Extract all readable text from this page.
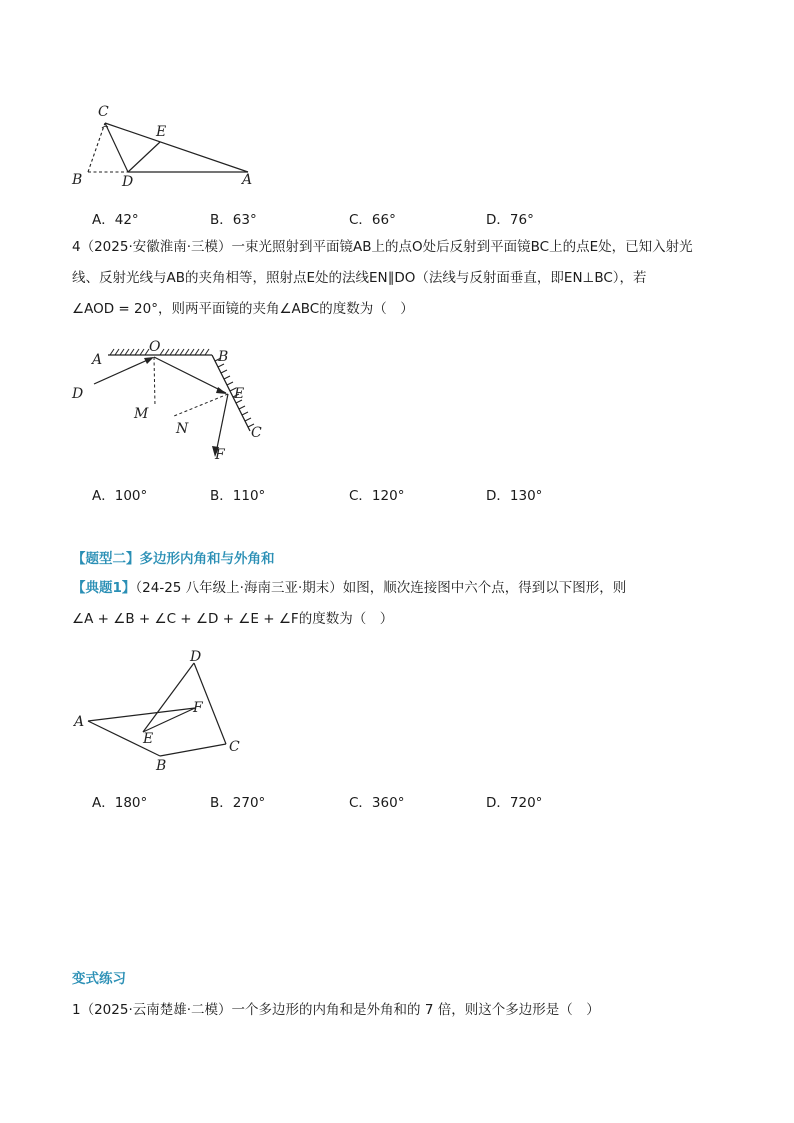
C
E
B	D	A
A．42°	B．63°	C．66°	D．76°
4（2025·安徽淮南·三模）一束光照射到平面镜AB上的点O处后反射到平面镜BC上的点E处，已知入射光
线、反射光线与AB的夹角相等，照射点E处的法线EN∥DO（法线与反射面垂直，即EN⊥BC），若
∠AOD = 20°，则两平面镜的夹角∠ABC的度数为（　）
A
O
B
D	E
M
N	C
F
A．100°	B．110°	C．120°	D．130°
【题型二】多边形内角和与外角和
【典题1】（24-25 八年级上·海南三亚·期末）如图，顺次连接图中六个点，得到以下图形，则
∠A + ∠B + ∠C + ∠D + ∠E + ∠F的度数为（　）
D
A
F
E	C
B
A．180°	B．270°	C．360°	D．720°
变式练习
1（2025·云南楚雄·二模）一个多边形的内角和是外角和的 7 倍，则这个多边形是（　）
